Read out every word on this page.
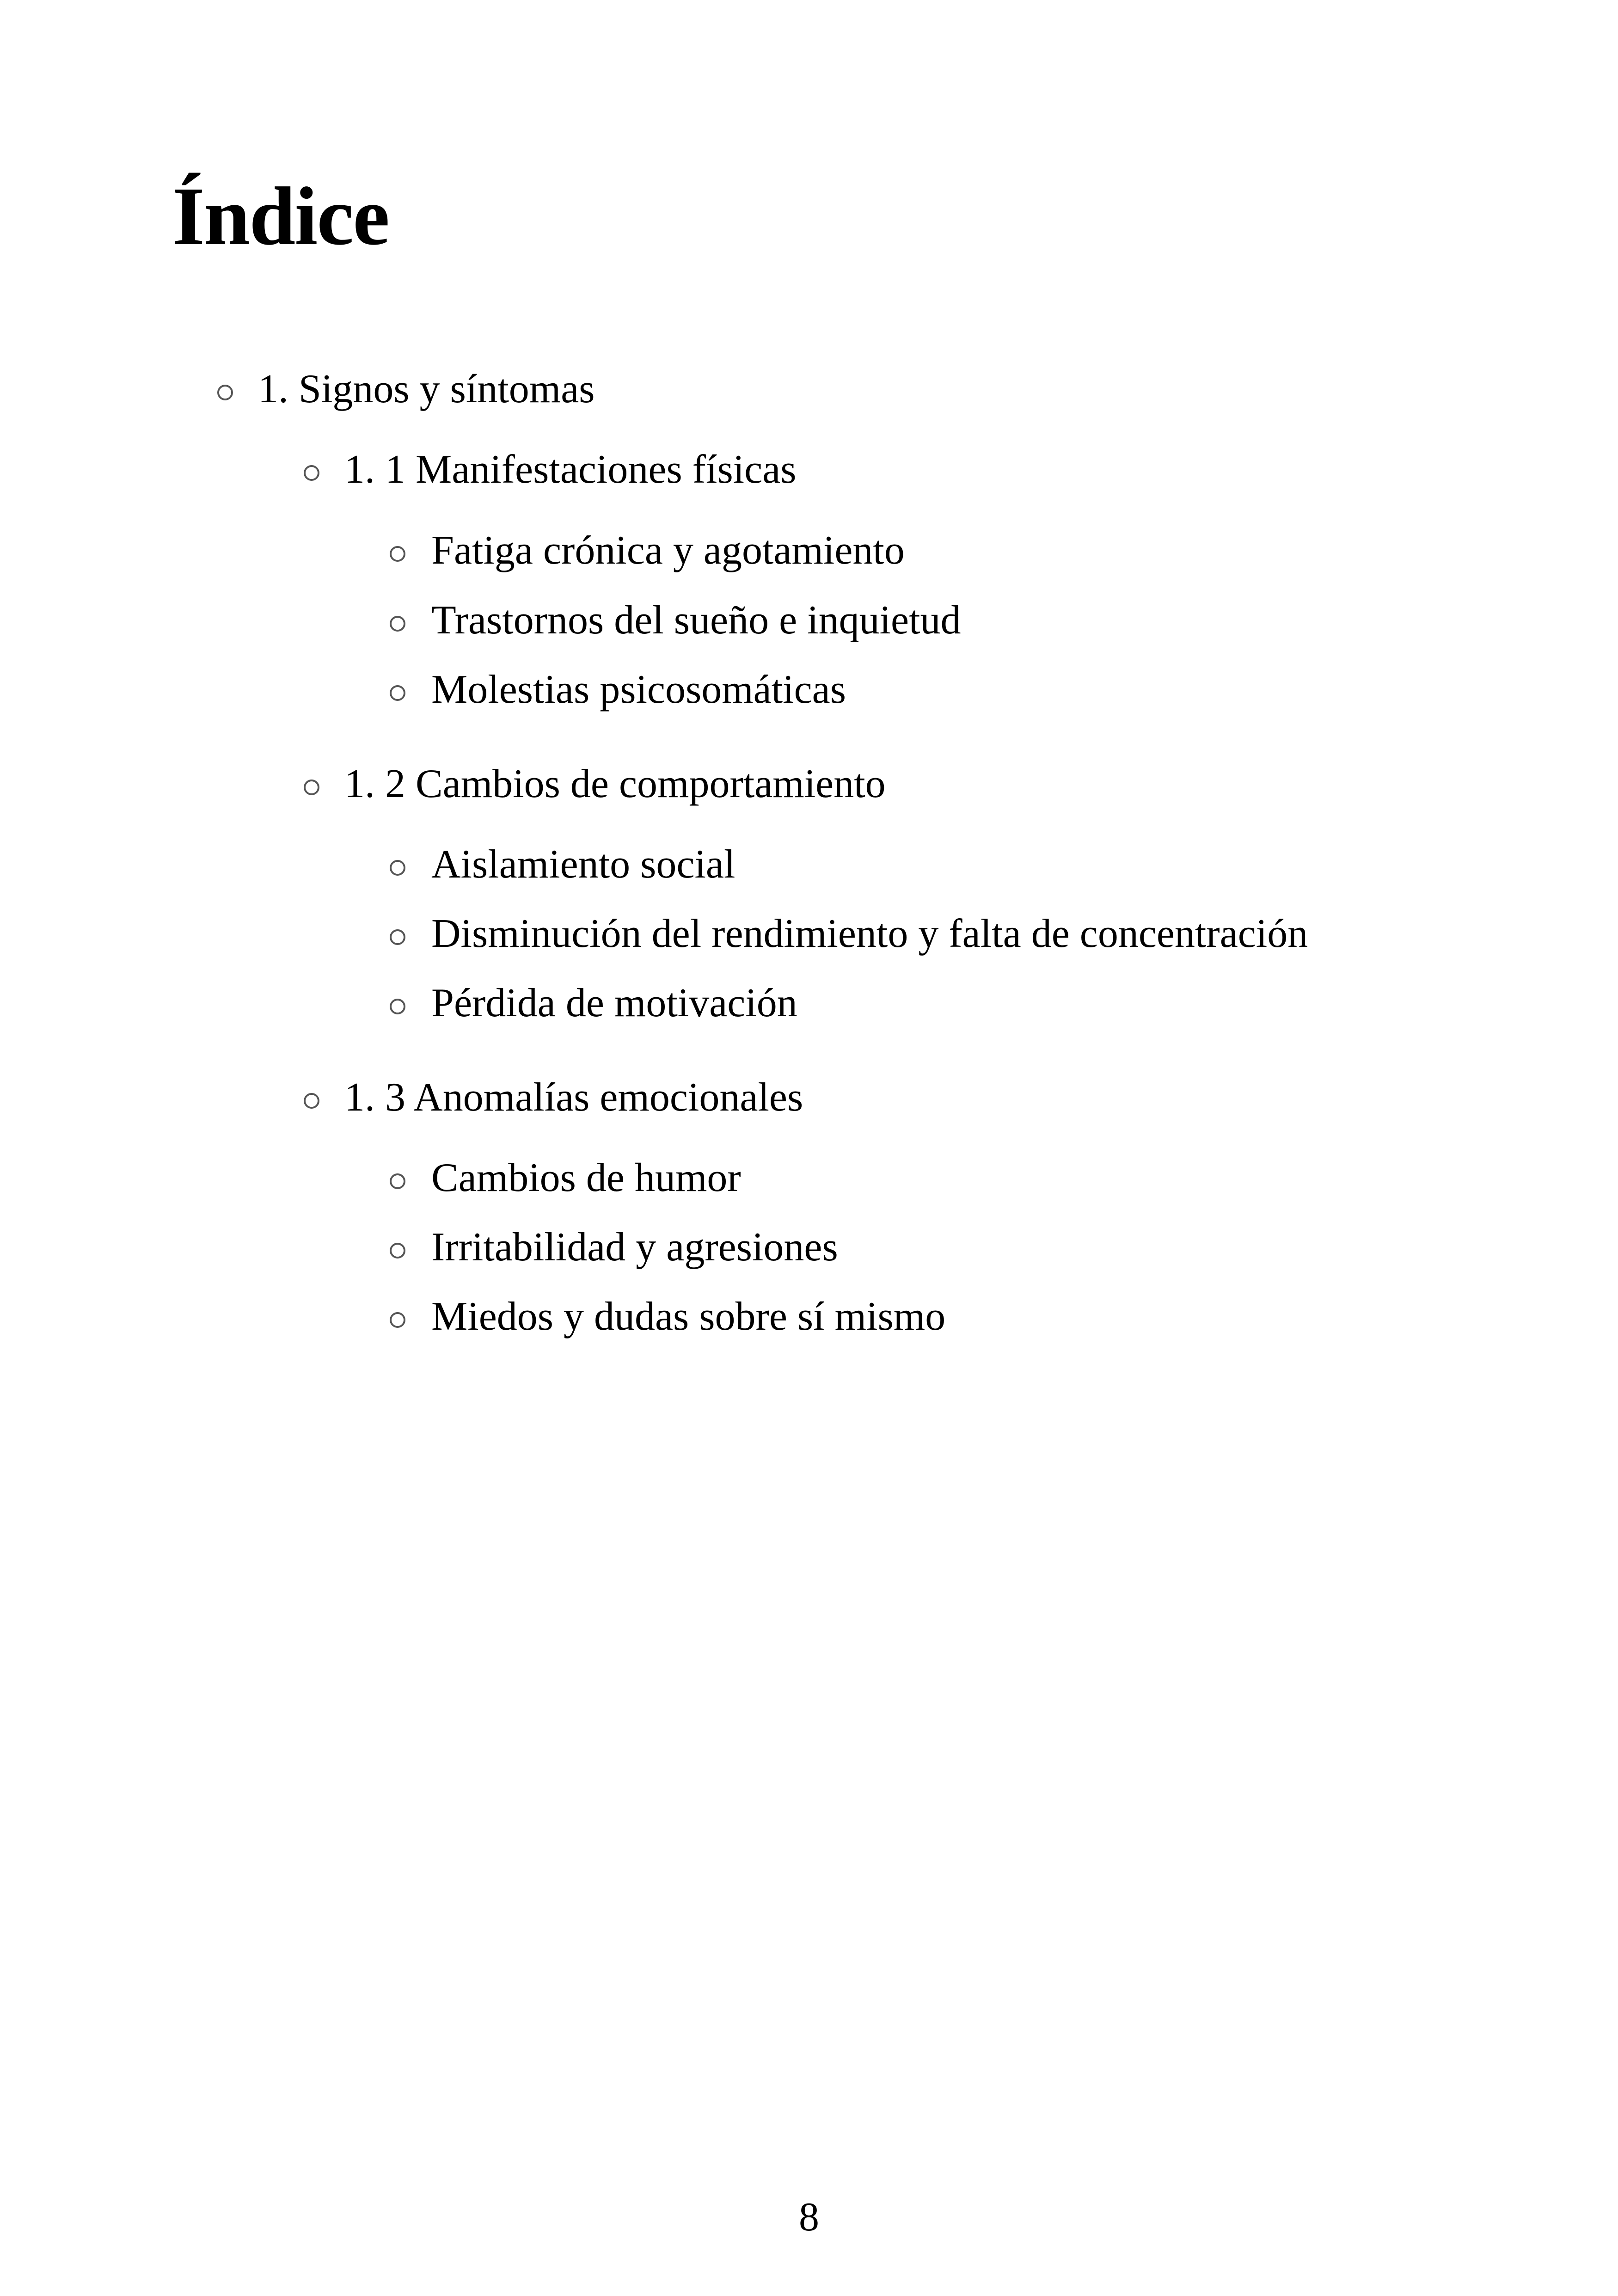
Índice
1. Signos y síntomas
1. 1 Manifestaciones físicas
Fatiga crónica y agotamiento
Trastornos del sueño e inquietud
Molestias psicosomáticas
1. 2 Cambios de comportamiento
Aislamiento social
Disminución del rendimiento y falta de concentración
Pérdida de motivación
1. 3 Anomalías emocionales
Cambios de humor
Irritabilidad y agresiones
Miedos y dudas sobre sí mismo
8
